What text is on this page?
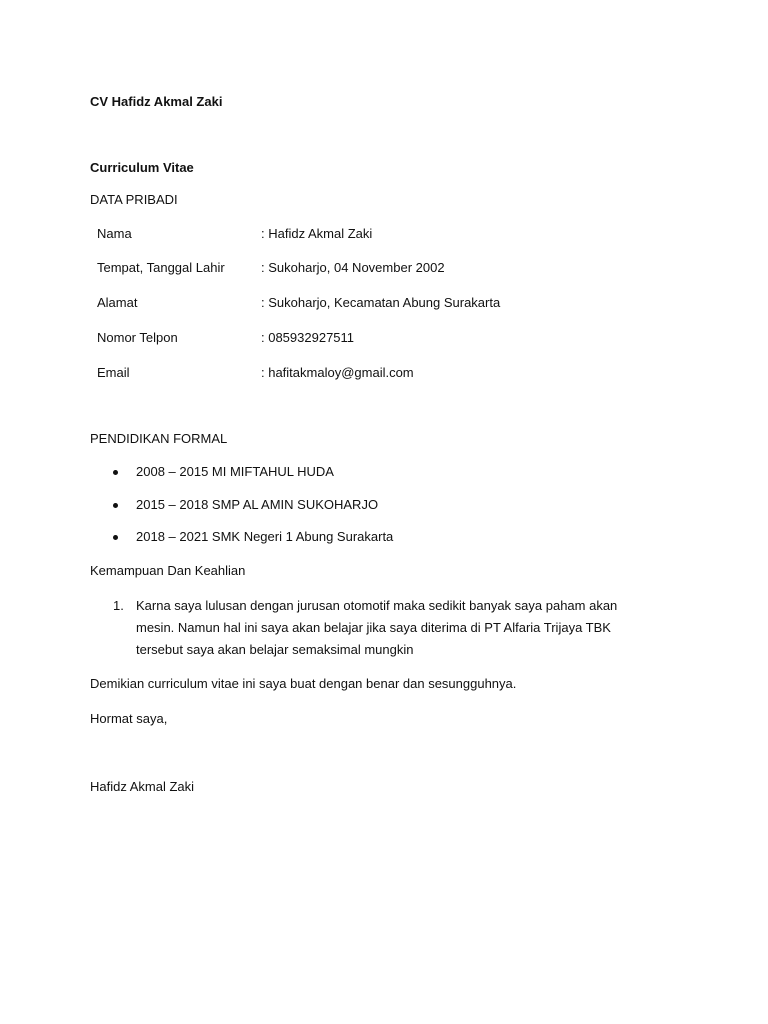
CV Hafidz Akmal Zaki
Curriculum Vitae
DATA PRIBADI
Nama	: Hafidz Akmal Zaki
Tempat, Tanggal Lahir	: Sukoharjo, 04 November 2002
Alamat	: Sukoharjo, Kecamatan Abung Surakarta
Nomor Telpon	: 085932927511
Email	: hafitakmaloy@gmail.com
PENDIDIKAN FORMAL
2008 – 2015 MI MIFTAHUL HUDA
2015 – 2018 SMP AL AMIN SUKOHARJO
2018 – 2021 SMK Negeri 1 Abung Surakarta
Kemampuan Dan Keahlian
1. Karna saya lulusan dengan jurusan otomotif maka sedikit banyak saya paham akan mesin. Namun hal ini saya akan belajar jika saya diterima di PT Alfaria Trijaya TBK tersebut saya akan belajar semaksimal mungkin
Demikian curriculum vitae ini saya buat dengan benar dan sesungguhnya.
Hormat saya,
Hafidz Akmal Zaki
